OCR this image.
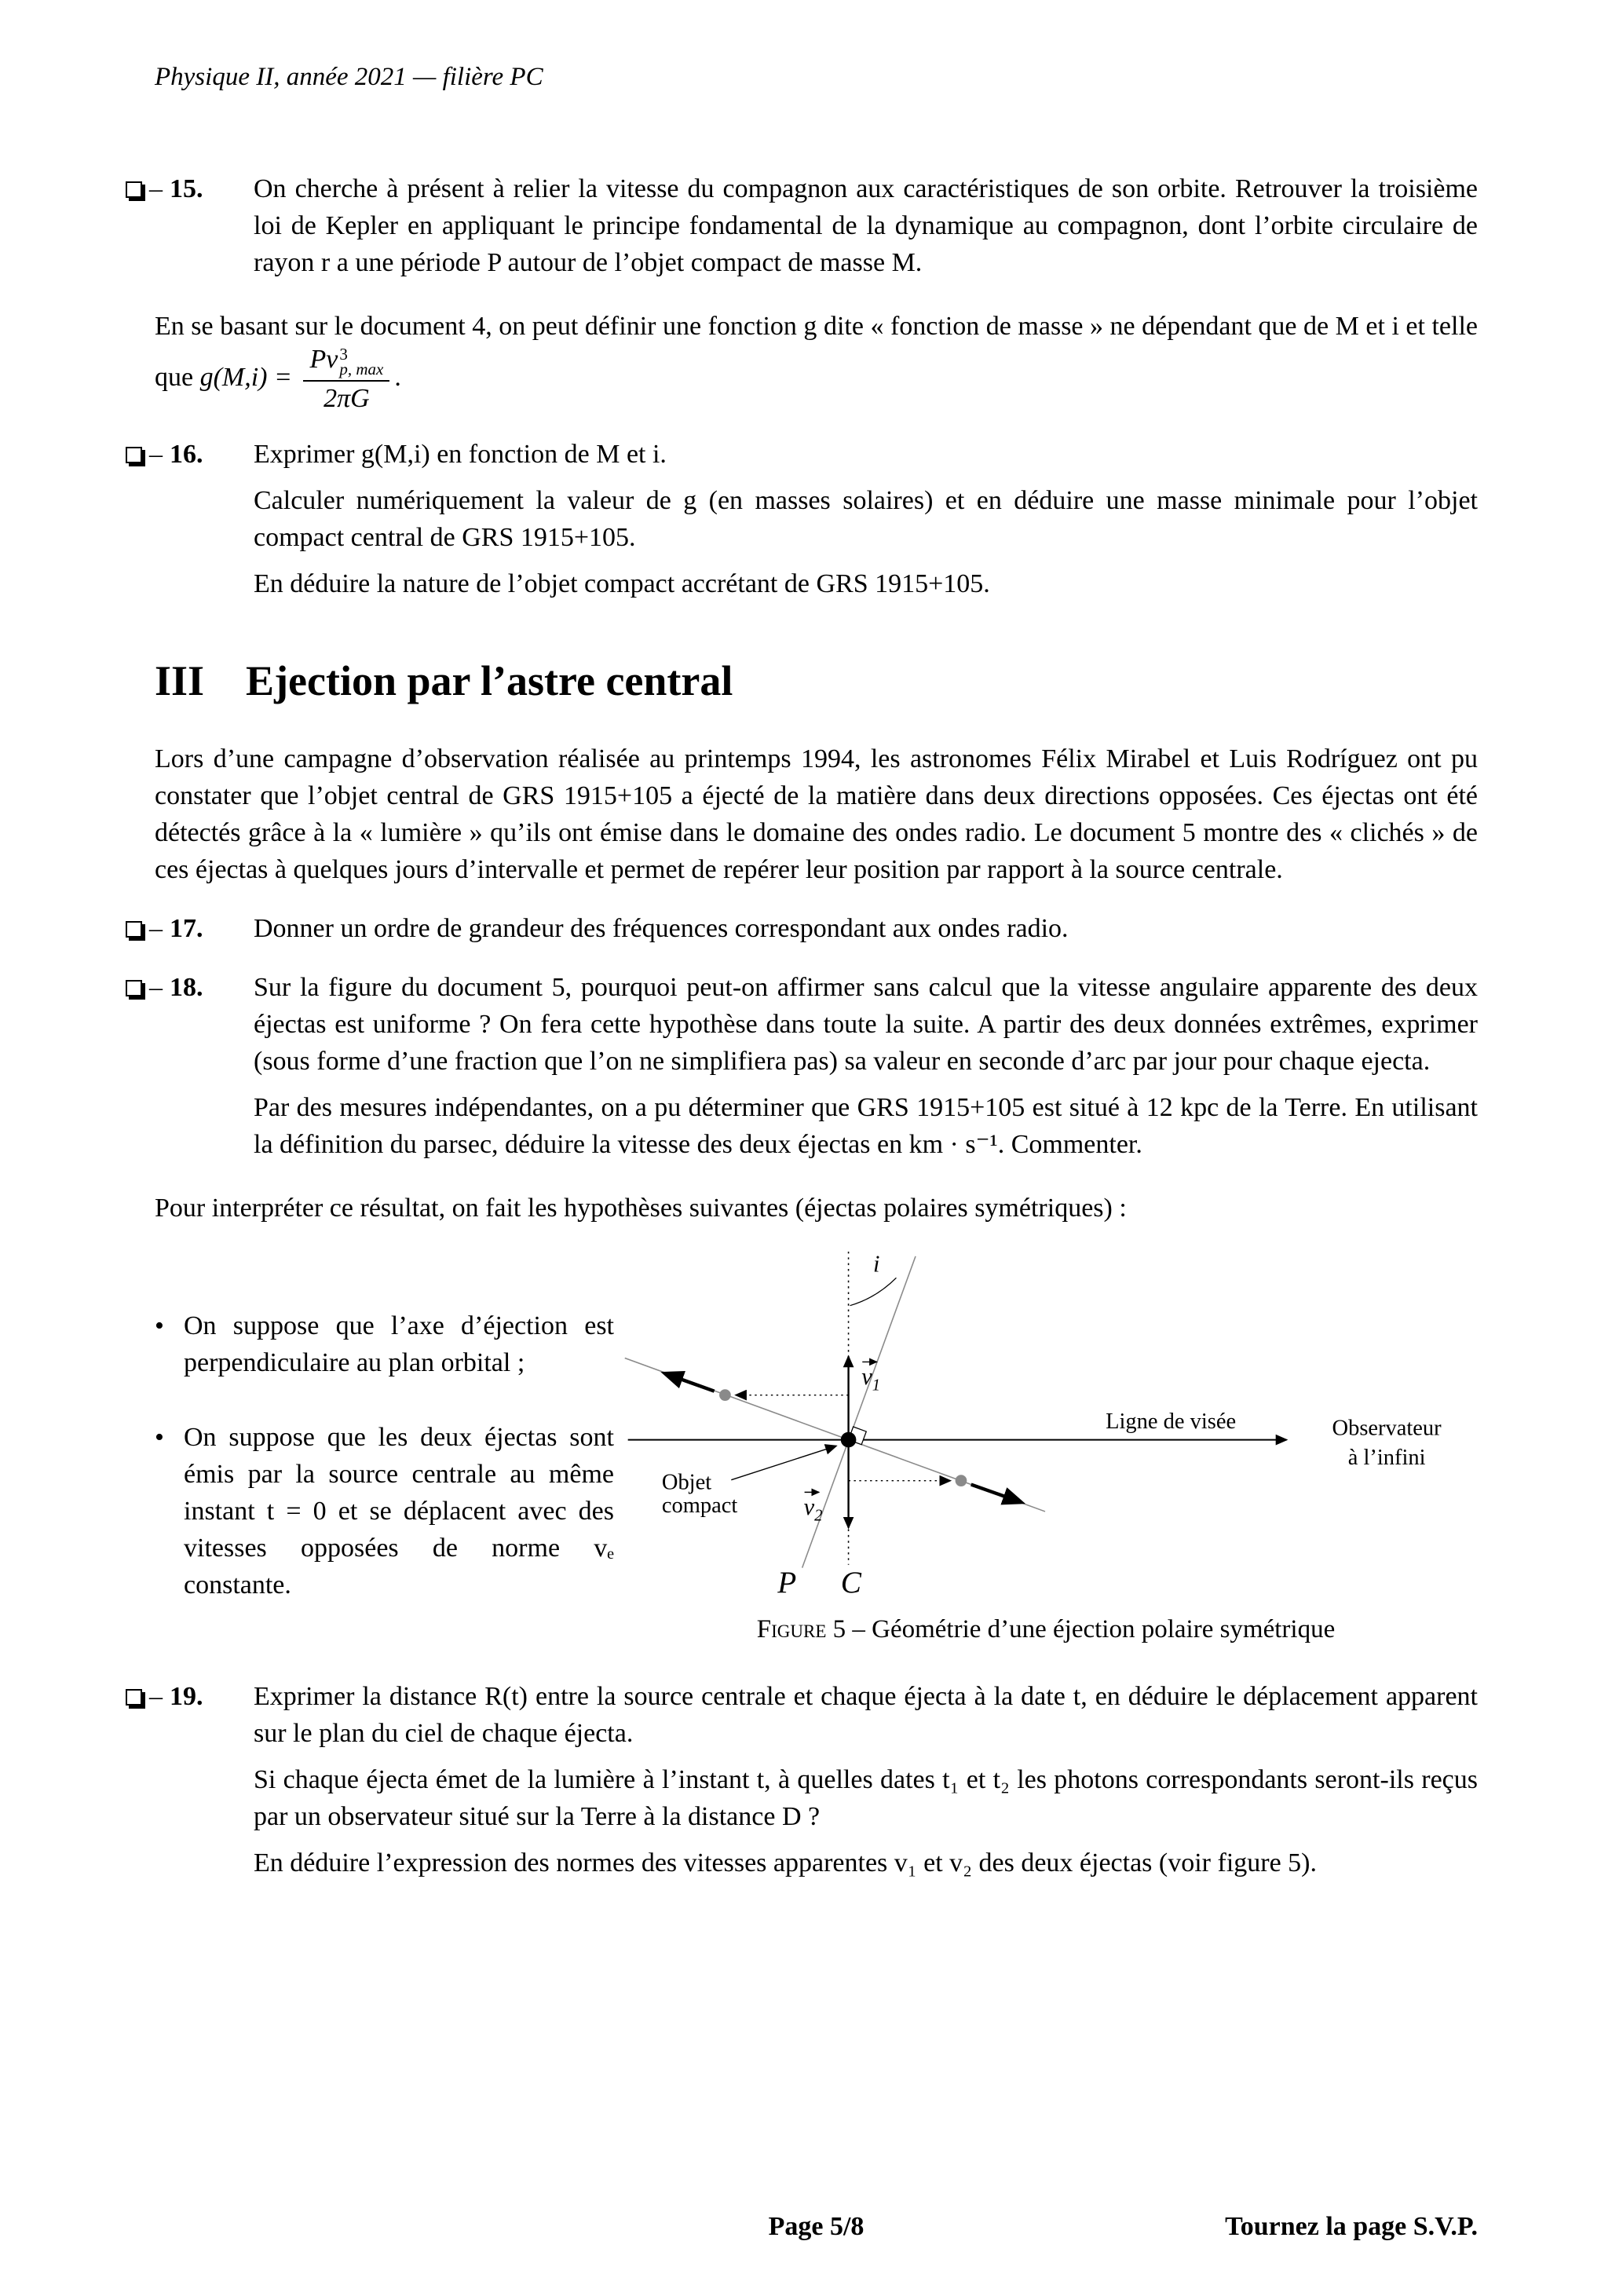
Physique II, année 2021 — filière PC
– 15.	On cherche à présent à relier la vitesse du compagnon aux caractéristiques de son orbite. Retrouver la troisième loi de Kepler en appliquant le principe fondamental de la dynamique au compagnon, dont l’orbite circulaire de rayon r a une période P autour de l’objet compact de masse M.

En se basant sur le document 4, on peut définir une fonction g dite « fonction de masse » ne dépendant que de M et i et telle que g(M,i) = Pv 3
p, max
2πG .

– 16.	Exprimer g(M,i) en fonction de M et i.

Calculer numériquement la valeur de g (en masses solaires) et en déduire une masse minimale pour l’objet compact central de GRS 1915+105.

En déduire la nature de l’objet compact accrétant de GRS 1915+105.

III Ejection par l’astre central

Lors d’une campagne d’observation réalisée au printemps 1994, les astronomes Félix Mirabel et Luis Rodríguez ont pu constater que l’objet central de GRS 1915+105 a éjecté de la matière dans deux directions opposées. Ces éjectas ont été détectés grâce à la « lumière » qu’ils ont émise dans le domaine des ondes radio. Le document 5 montre des « clichés » de ces éjectas à quelques jours d’intervalle et permet de repérer leur position par rapport à la source centrale.

– 17.	Donner un ordre de grandeur des fréquences correspondant aux ondes radio.

– 18.	Sur la figure du document 5, pourquoi peut-on affirmer sans calcul que la vitesse angulaire apparente des deux éjectas est uniforme ? On fera cette hypothèse dans toute la suite. A partir des deux données extrêmes, exprimer (sous forme d’une fraction que l’on ne simplifiera pas) sa valeur en seconde d’arc par jour pour chaque ejecta.

Par des mesures indépendantes, on a pu déterminer que GRS 1915+105 est situé à 12 kpc de la Terre. En utilisant la définition du parsec, déduire la vitesse des deux éjectas en km · s⁻¹. Commenter.

Pour interpréter ce résultat, on fait les hypothèses suivantes (éjectas polaires symétriques) :

• On suppose que l’axe d’éjection est perpendiculaire au plan orbital ;

• On suppose que les deux éjectas sont émis par la source centrale au même instant t = 0 et se déplacent avec des vitesses opposées de norme vₑ constante.

i
Ligne de visée	Observateur
à l’infini
$v_1$
$v_2$
Objet
compact
P C
Figure 5 – Géométrie d’une éjection polaire symétrique
– 19.	Exprimer la distance R(t) entre la source centrale et chaque éjecta à la date t, en déduire le déplacement apparent sur le plan du ciel de chaque éjecta.

Si chaque éjecta émet de la lumière à l’instant t, à quelles dates t₁ et t₂ les photons correspondants seront-ils reçus par un observateur situé sur la Terre à la distance D ?

En déduire l’expression des normes des vitesses apparentes v₁ et v₂ des deux éjectas (voir figure 5).

Page 5/8	Tournez la page S.V.P.
